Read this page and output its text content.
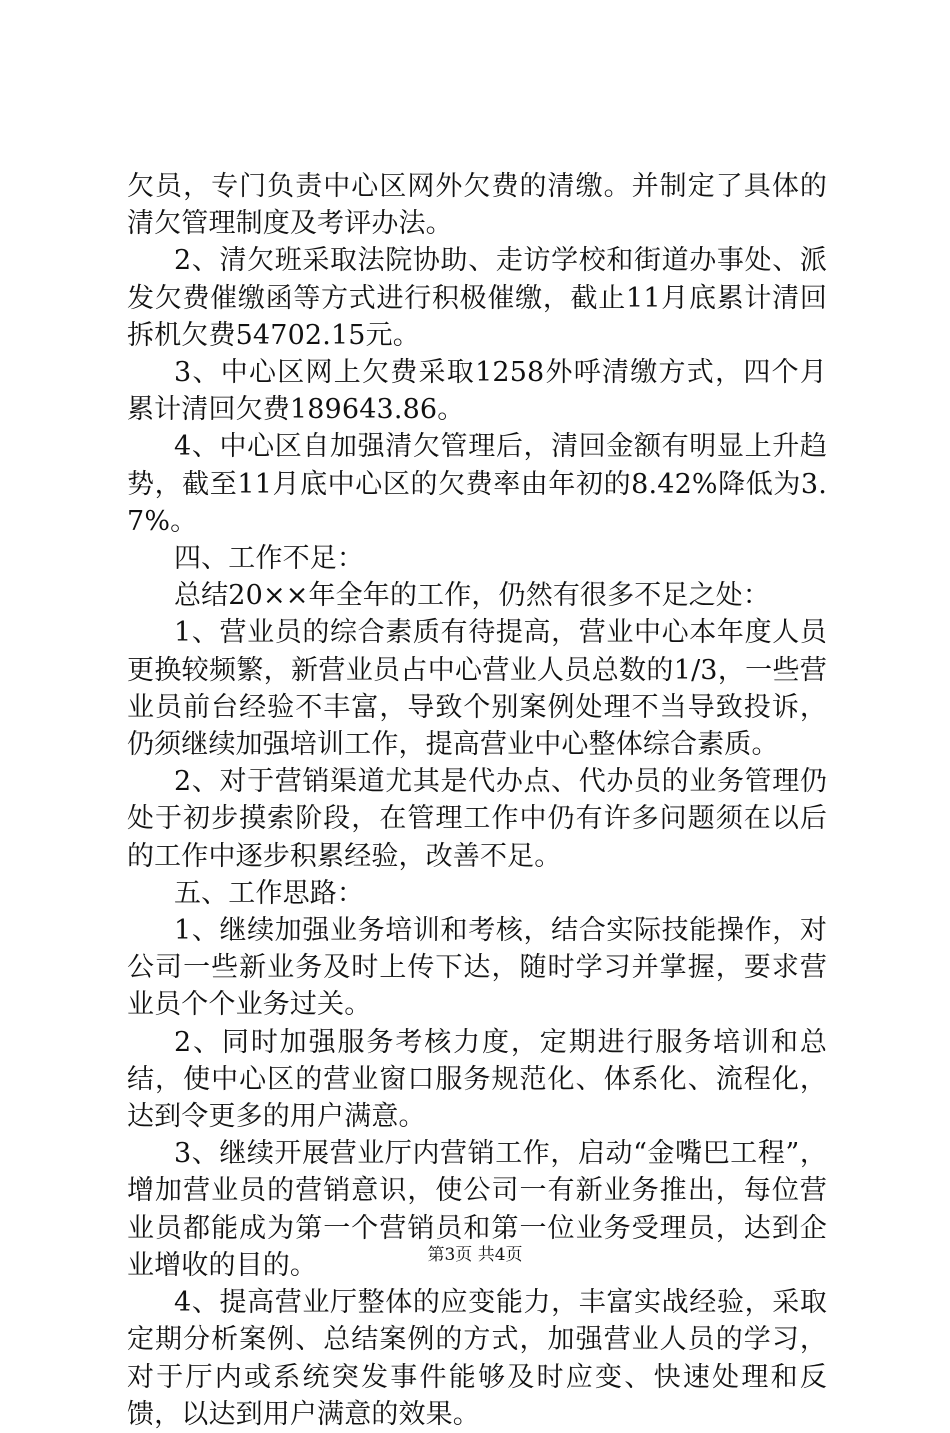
欠员，专门负责中心区网外欠费的清缴。并制定了具体的清欠管理制度及考评办法。

2、清欠班采取法院协助、走访学校和街道办事处、派发欠费催缴函等方式进行积极催缴，截止11月底累计清回拆机欠费54702.15元。

3、中心区网上欠费采取1258外呼清缴方式，四个月累计清回欠费189643.86。

4、中心区自加强清欠管理后，清回金额有明显上升趋势，截至11月底中心区的欠费率由年初的8.42%降低为3.7%。

四、工作不足：

总结20××年全年的工作，仍然有很多不足之处：

1、营业员的综合素质有待提高，营业中心本年度人员更换较频繁，新营业员占中心营业人员总数的1/3，一些营业员前台经验不丰富，导致个别案例处理不当导致投诉，仍须继续加强培训工作，提高营业中心整体综合素质。

2、对于营销渠道尤其是代办点、代办员的业务管理仍处于初步摸索阶段，在管理工作中仍有许多问题须在以后的工作中逐步积累经验，改善不足。

五、工作思路：

1、继续加强业务培训和考核，结合实际技能操作，对公司一些新业务及时上传下达，随时学习并掌握，要求营业员个个业务过关。

2、同时加强服务考核力度，定期进行服务培训和总结，使中心区的营业窗口服务规范化、体系化、流程化，达到令更多的用户满意。

3、继续开展营业厅内营销工作，启动“金嘴巴工程”，增加营业员的营销意识，使公司一有新业务推出，每位营业员都能成为第一个营销员和第一位业务受理员，达到企业增收的目的。

4、提高营业厅整体的应变能力，丰富实战经验，采取定期分析案例、总结案例的方式，加强营业人员的学习，对于厅内或系统突发事件能够及时应变、快速处理和反馈，以达到用户满意的效果。

第3页 共4页
